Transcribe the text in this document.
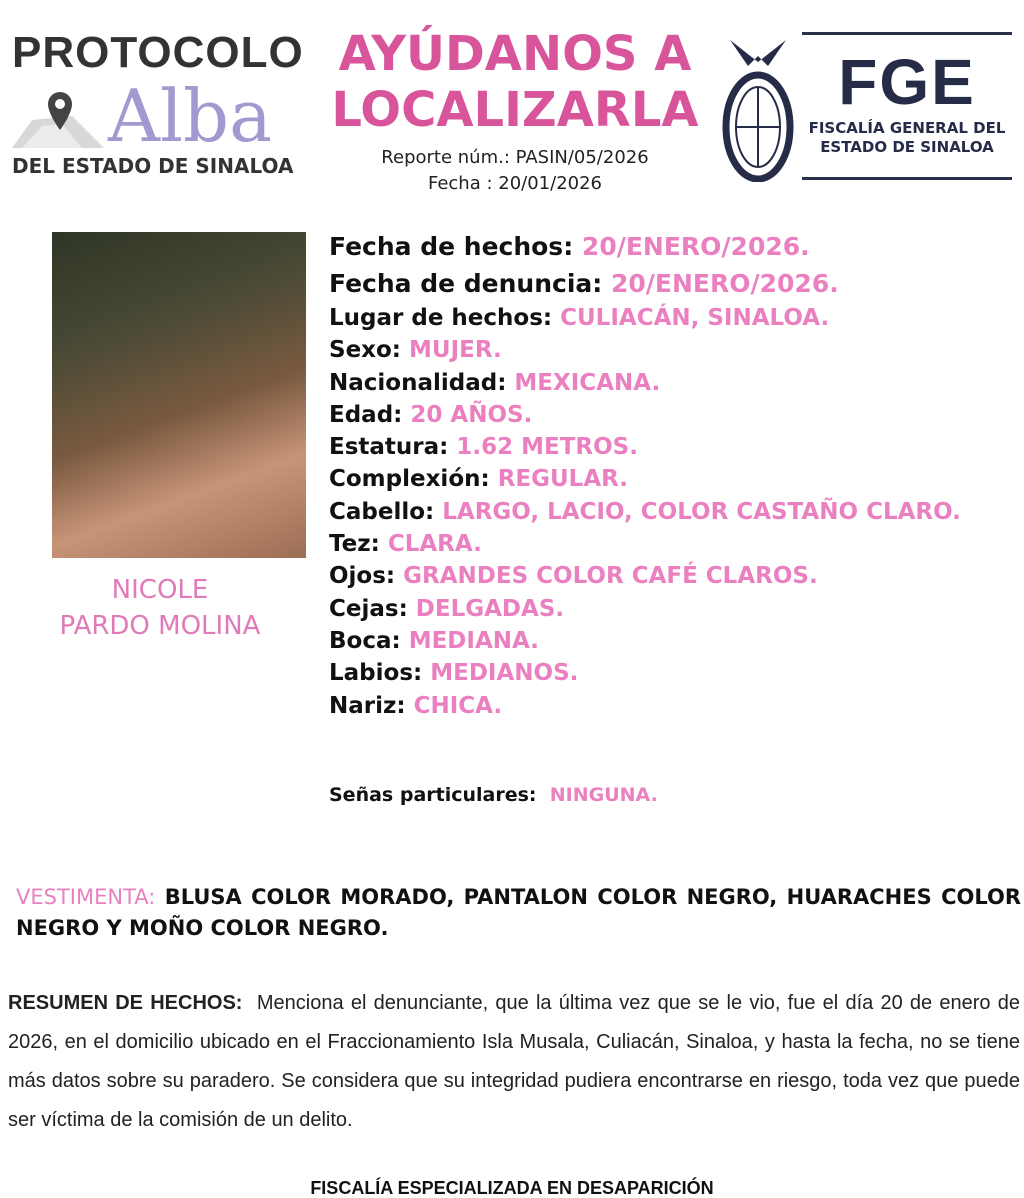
PROTOCOLO
Alba
DEL ESTADO DE SINALOA
AYÚDANOS A
LOCALIZARLA
Reporte núm.: PASIN/05/2026
Fecha : 20/01/2026
FGE
FISCALÍA GENERAL DEL
ESTADO DE SINALOA
NICOLE
PARDO MOLINA
Fecha de hechos: 20/ENERO/2026.
Fecha de denuncia: 20/ENERO/2026.
Lugar de hechos: CULIACÁN, SINALOA.
Sexo: MUJER.
Nacionalidad: MEXICANA.
Edad: 20 AÑOS.
Estatura: 1.62 METROS.
Complexión: REGULAR.
Cabello: LARGO, LACIO, COLOR CASTAÑO CLARO.
Tez: CLARA.
Ojos: GRANDES COLOR CAFÉ CLAROS.
Cejas: DELGADAS.
Boca: MEDIANA.
Labios: MEDIANOS.
Nariz: CHICA.
Señas particulares: NINGUNA.
VESTIMENTA: BLUSA COLOR MORADO, PANTALON COLOR NEGRO, HUARACHES COLOR NEGRO Y MOÑO COLOR NEGRO.
RESUMEN DE HECHOS: Menciona el denunciante, que la última vez que se le vio, fue el día 20 de enero de 2026, en el domicilio ubicado en el Fraccionamiento Isla Musala, Culiacán, Sinaloa, y hasta la fecha, no se tiene más datos sobre su paradero. Se considera que su integridad pudiera encontrarse en riesgo, toda vez que puede ser víctima de la comisión de un delito.
FISCALÍA ESPECIALIZADA EN DESAPARICIÓN
